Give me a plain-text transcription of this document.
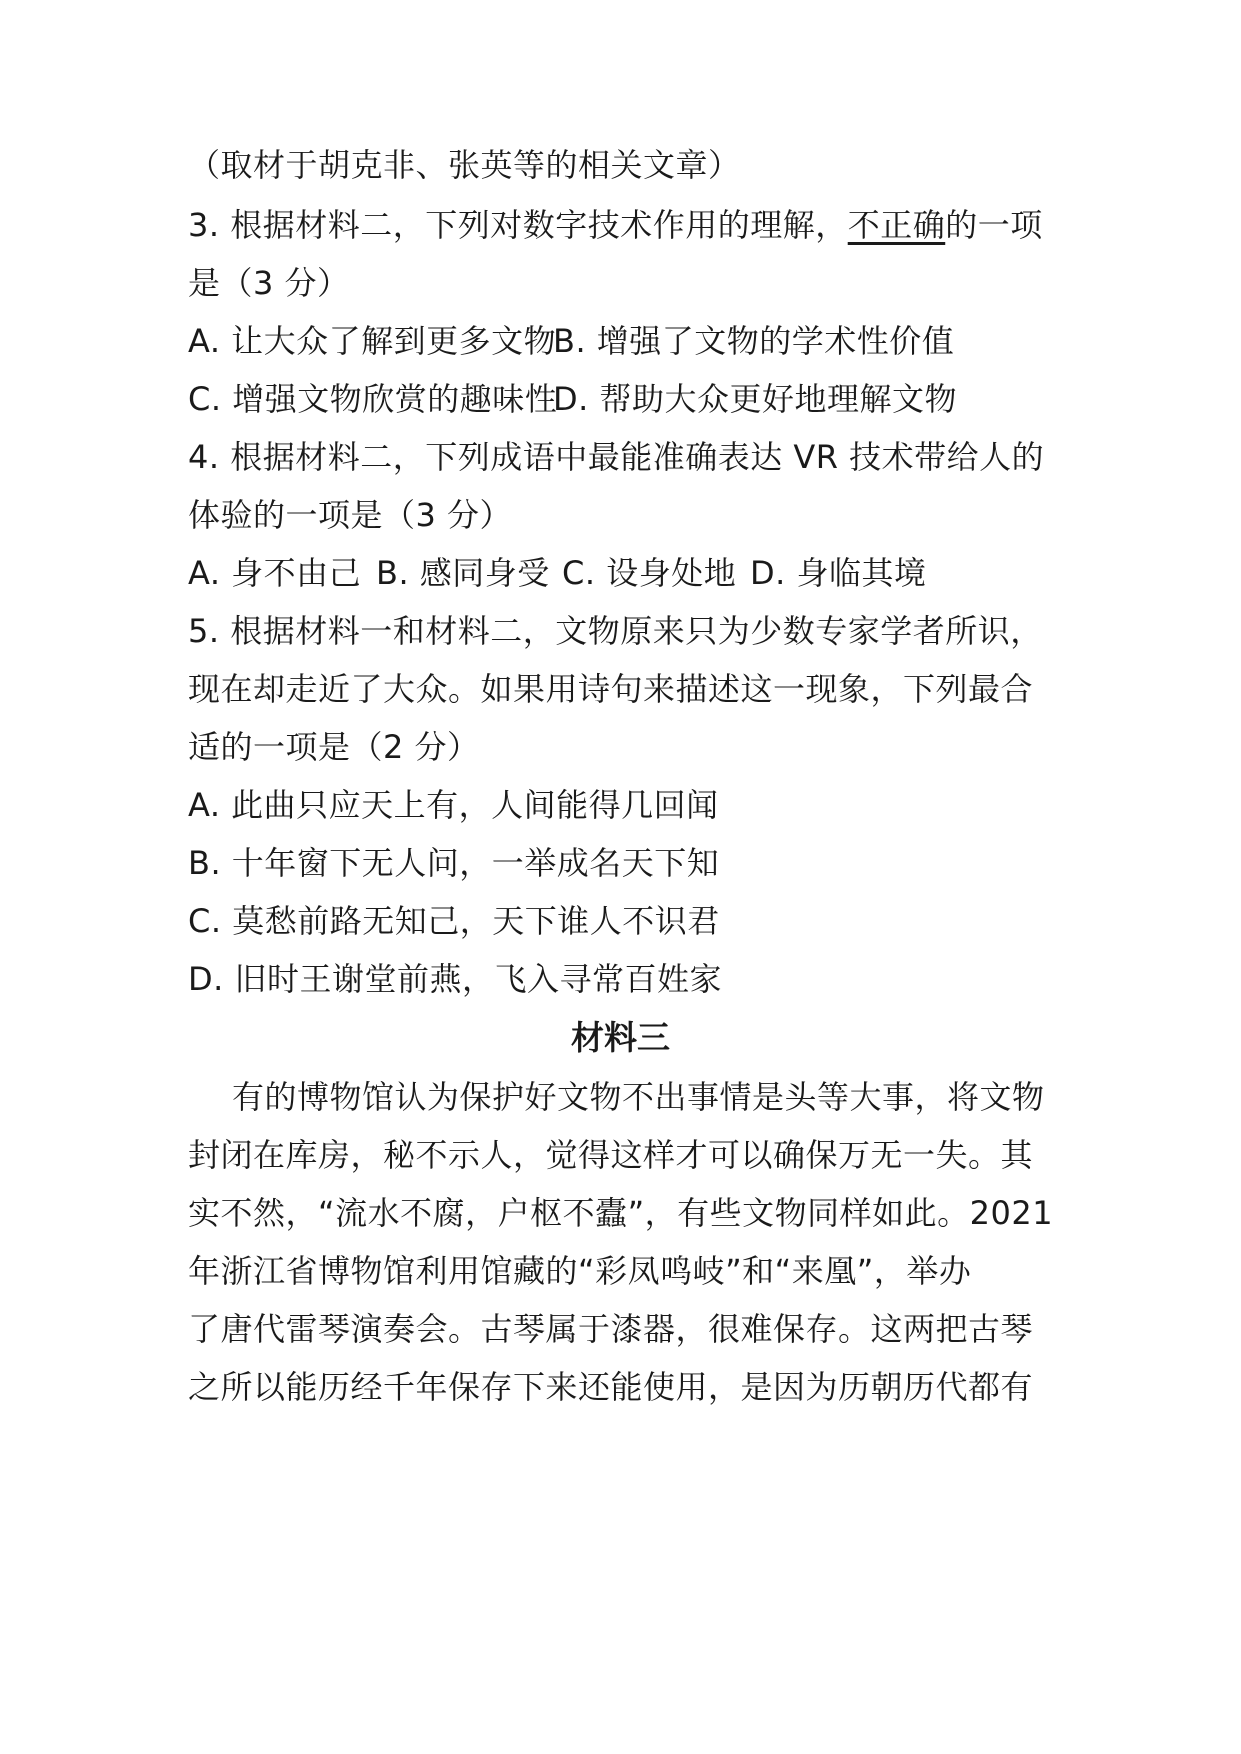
（取材于胡克非、张英等的相关文章）
3. 根据材料二，下列对数字技术作用的理解，不正确的一项
是（3 分）
A. 让大众了解到更多文物B. 增强了文物的学术性价值
C. 增强文物欣赏的趣味性D. 帮助大众更好地理解文物
4. 根据材料二，下列成语中最能准确表达 VR 技术带给人的
体验的一项是（3 分）
A. 身不由己 B. 感同身受 C. 设身处地 D. 身临其境
5. 根据材料一和材料二，文物原来只为少数专家学者所识，
现在却走近了大众。如果用诗句来描述这一现象，下列最合
适的一项是（2 分）
A. 此曲只应天上有，人间能得几回闻
B. 十年窗下无人问，一举成名天下知
C. 莫愁前路无知己，天下谁人不识君
D. 旧时王谢堂前燕，飞入寻常百姓家
材料三
有的博物馆认为保护好文物不出事情是头等大事，将文物
封闭在库房，秘不示人，觉得这样才可以确保万无一失。其
实不然，“流水不腐，户枢不蠹”，有些文物同样如此。2021
年浙江省博物馆利用馆藏的“彩凤鸣岐”和“来凰”，举办
了唐代雷琴演奏会。古琴属于漆器，很难保存。这两把古琴
之所以能历经千年保存下来还能使用，是因为历朝历代都有
